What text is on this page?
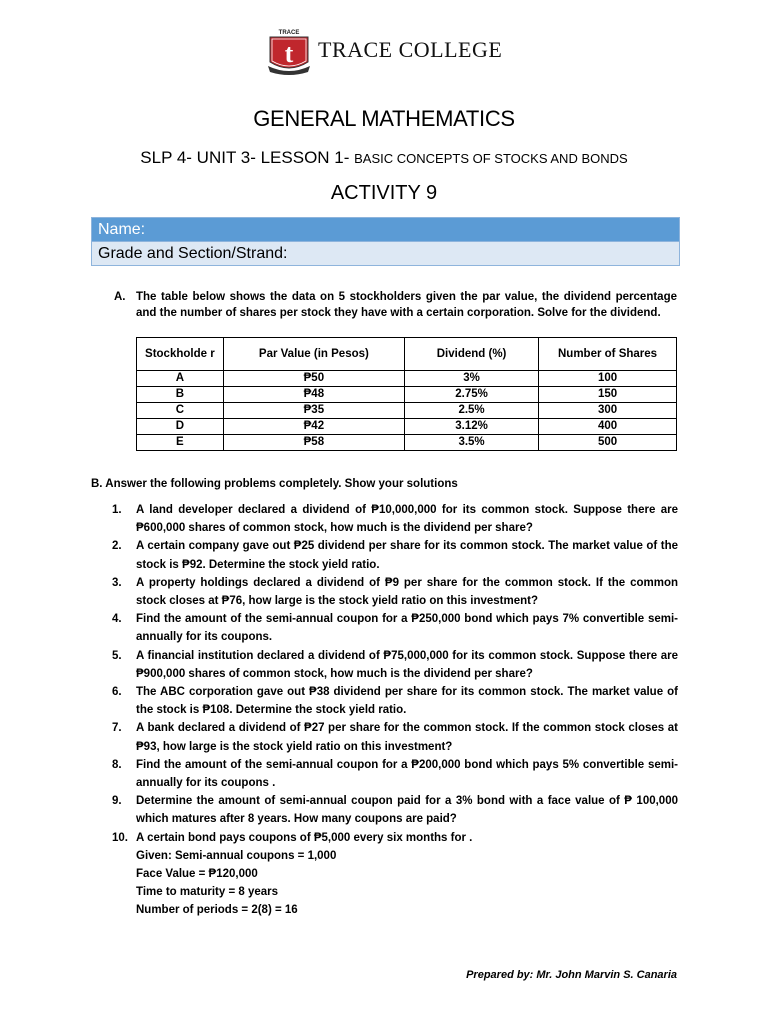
TRACE
t TRACE COLLEGE
GENERAL MATHEMATICS
SLP 4- UNIT 3- LESSON 1- BASIC CONCEPTS OF STOCKS AND BONDS
ACTIVITY 9
Name:
Grade and Section/Strand:
A. The table below shows the data on 5 stockholders given the par value, the dividend percentage and the number of shares per stock they have with a certain corporation. Solve for the dividend.
Stockholde r	Par Value (in Pesos)	Dividend (%)	Number of Shares
A	₱50	3%	100
B	₱48	2.75%	150
C	₱35	2.5%	300
D	₱42	3.12%	400
E	₱58	3.5%	500
B. Answer the following problems completely. Show your solutions
1. A land developer declared a dividend of ₱10,000,000 for its common stock. Suppose there are ₱600,000 shares of common stock, how much is the dividend per share?
2. A certain company gave out ₱25 dividend per share for its common stock. The market value of the stock is ₱92. Determine the stock yield ratio.
3. A property holdings declared a dividend of ₱9 per share for the common stock. If the common stock closes at ₱76, how large is the stock yield ratio on this investment?
4. Find the amount of the semi-annual coupon for a ₱250,000 bond which pays 7% convertible semi-annually for its coupons.
5. A financial institution declared a dividend of ₱75,000,000 for its common stock. Suppose there are ₱900,000 shares of common stock, how much is the dividend per share?
6. The ABC corporation gave out ₱38 dividend per share for its common stock. The market value of the stock is ₱108. Determine the stock yield ratio.
7. A bank declared a dividend of ₱27 per share for the common stock. If the common stock closes at ₱93, how large is the stock yield ratio on this investment?
8. Find the amount of the semi-annual coupon for a ₱200,000 bond which pays 5% convertible semi-annually for its coupons .
9. Determine the amount of semi-annual coupon paid for a 3% bond with a face value of ₱ 100,000 which matures after 8 years. How many coupons are paid?
10. A certain bond pays coupons of ₱5,000 every six months for .
Given: Semi-annual coupons = 1,000
Face Value = ₱120,000
Time to maturity = 8 years
Number of periods = 2(8) = 16
Prepared by: Mr. John Marvin S. Canaria
